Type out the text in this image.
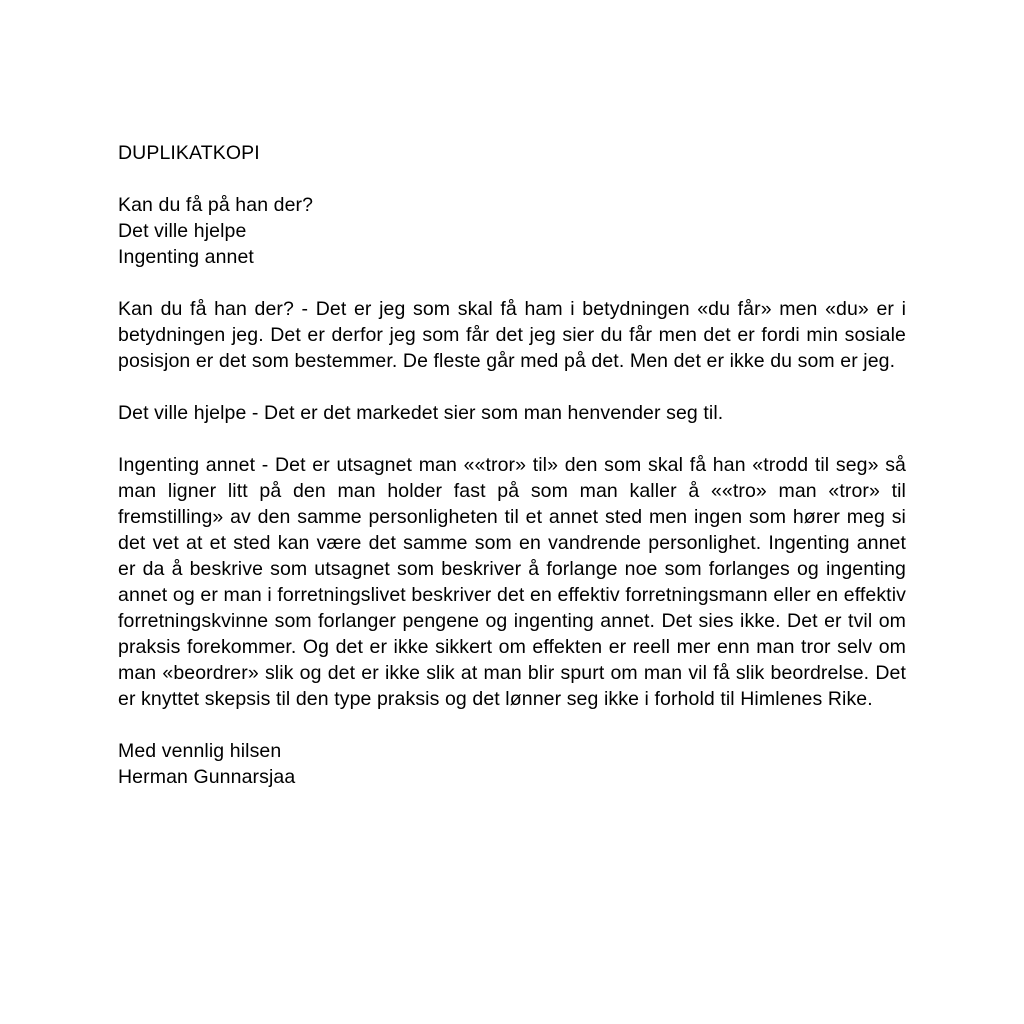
DUPLIKATKOPI
Kan du få på han der?
Det ville hjelpe
Ingenting annet
Kan du få han der? - Det er jeg som skal få ham i betydningen «du får» men «du» er i betydningen jeg. Det er derfor jeg som får det jeg sier du får men det er fordi min sosiale posisjon er det som bestemmer. De fleste går med på det. Men det er ikke du som er jeg.
Det ville hjelpe - Det er det markedet sier som man henvender seg til.
Ingenting annet - Det er utsagnet man ««tror» til» den som skal få han «trodd til seg» så man ligner litt på den man holder fast på som man kaller å ««tro» man «tror» til fremstilling» av den samme personligheten til et annet sted men ingen som hører meg si det vet at et sted kan være det samme som en vandrende personlighet. Ingenting annet er da å beskrive som utsagnet som beskriver å forlange noe som forlanges og ingenting annet og er man i forretningslivet beskriver det en effektiv forretningsmann eller en effektiv forretningskvinne som forlanger pengene og ingenting annet. Det sies ikke. Det er tvil om praksis forekommer. Og det er ikke sikkert om effekten er reell mer enn man tror selv om man «beordrer» slik og det er ikke slik at man blir spurt om man vil få slik beordrelse. Det er knyttet skepsis til den type praksis og det lønner seg ikke i forhold til Himlenes Rike.
Med vennlig hilsen
Herman Gunnarsjaa
